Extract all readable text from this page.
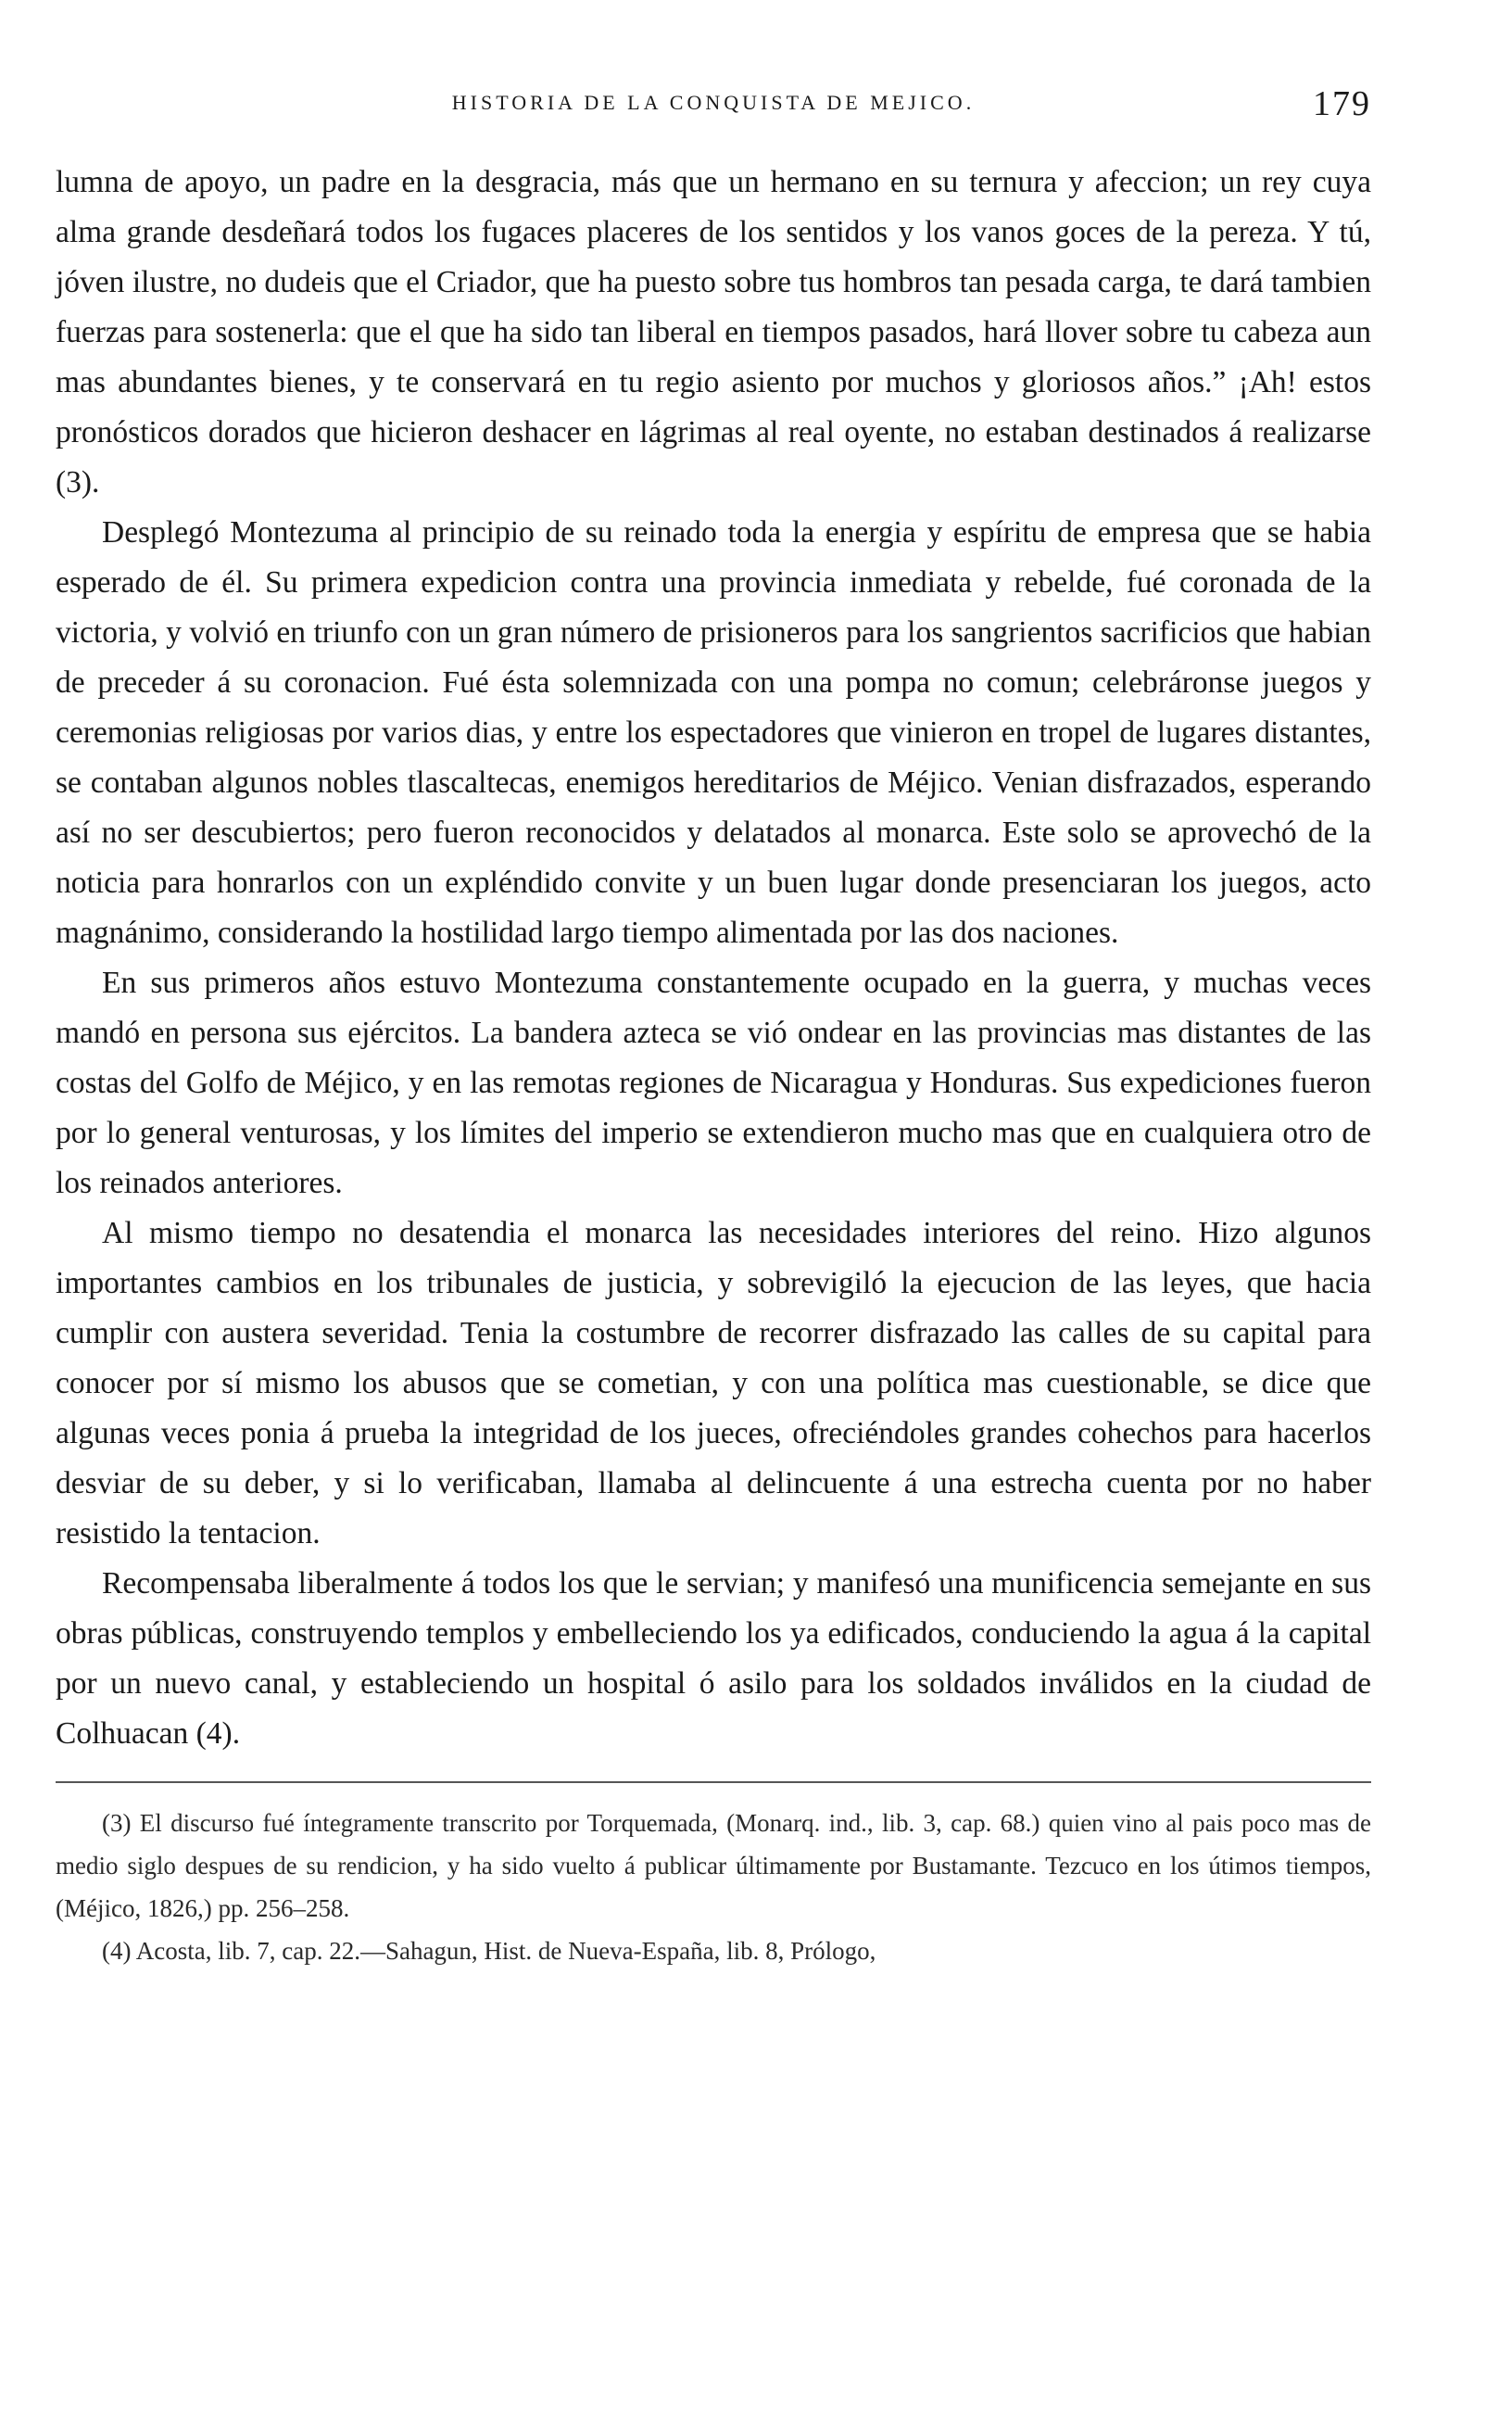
HISTORIA DE LA CONQUISTA DE MEJICO.	179

lumna de apoyo, un padre en la desgracia, más que un hermano en su ternura y afeccion; un rey cuya alma grande desdeñará todos los fugaces placeres de los sentidos y los vanos goces de la pereza. Y tú, jóven ilustre, no dudeis que el Criador, que ha puesto sobre tus hombros tan pesada carga, te dará tambien fuerzas para sostenerla: que el que ha sido tan liberal en tiempos pasados, hará llover sobre tu cabeza aun mas abundantes bienes, y te conservará en tu regio asiento por muchos y gloriosos años.” ¡Ah! estos pronósticos dorados que hicieron deshacer en lágrimas al real oyente, no estaban destinados á realizarse (3).

Desplegó Montezuma al principio de su reinado toda la energia y espíritu de empresa que se habia esperado de él. Su primera expedicion contra una provincia inmediata y rebelde, fué coronada de la victoria, y volvió en triunfo con un gran número de prisioneros para los sangrientos sacrificios que habian de preceder á su coronacion. Fué ésta solemnizada con una pompa no comun; celebráronse juegos y ceremonias religiosas por varios dias, y entre los espectadores que vinieron en tropel de lugares distantes, se contaban algunos nobles tlascaltecas, enemigos hereditarios de Méjico. Venian disfrazados, esperando así no ser descubiertos; pero fueron reconocidos y delatados al monarca. Este solo se aprovechó de la noticia para honrarlos con un expléndido convite y un buen lugar donde presenciaran los juegos, acto magnánimo, considerando la hostilidad largo tiempo alimentada por las dos naciones.

En sus primeros años estuvo Montezuma constantemente ocupado en la guerra, y muchas veces mandó en persona sus ejércitos. La bandera azteca se vió ondear en las provincias mas distantes de las costas del Golfo de Méjico, y en las remotas regiones de Nicaragua y Honduras. Sus expediciones fueron por lo general venturosas, y los límites del imperio se extendieron mucho mas que en cualquiera otro de los reinados anteriores.

Al mismo tiempo no desatendia el monarca las necesidades interiores del reino. Hizo algunos importantes cambios en los tribunales de justicia, y sobrevigiló la ejecucion de las leyes, que hacia cumplir con austera severidad. Tenia la costumbre de recorrer disfrazado las calles de su capital para conocer por sí mismo los abusos que se cometian, y con una política mas cuestionable, se dice que algunas veces ponia á prueba la integridad de los jueces, ofreciéndoles grandes cohechos para hacerlos desviar de su deber, y si lo verificaban, llamaba al delincuente á una estrecha cuenta por no haber resistido la tentacion.

Recompensaba liberalmente á todos los que le servian; y manifesó una munificencia semejante en sus obras públicas, construyendo templos y embelleciendo los ya edificados, conduciendo la agua á la capital por un nuevo canal, y estableciendo un hospital ó asilo para los soldados inválidos en la ciudad de Colhuacan (4).

(3) El discurso fué íntegramente transcrito por Torquemada, (Monarq. ind., lib. 3, cap. 68.) quien vino al pais poco mas de medio siglo despues de su rendicion, y ha sido vuelto á publicar últimamente por Bustamante. Tezcuco en los útimos tiempos, (Méjico, 1826,) pp. 256–258.

(4) Acosta, lib. 7, cap. 22.—Sahagun, Hist. de Nueva-España, lib. 8, Prólogo,
